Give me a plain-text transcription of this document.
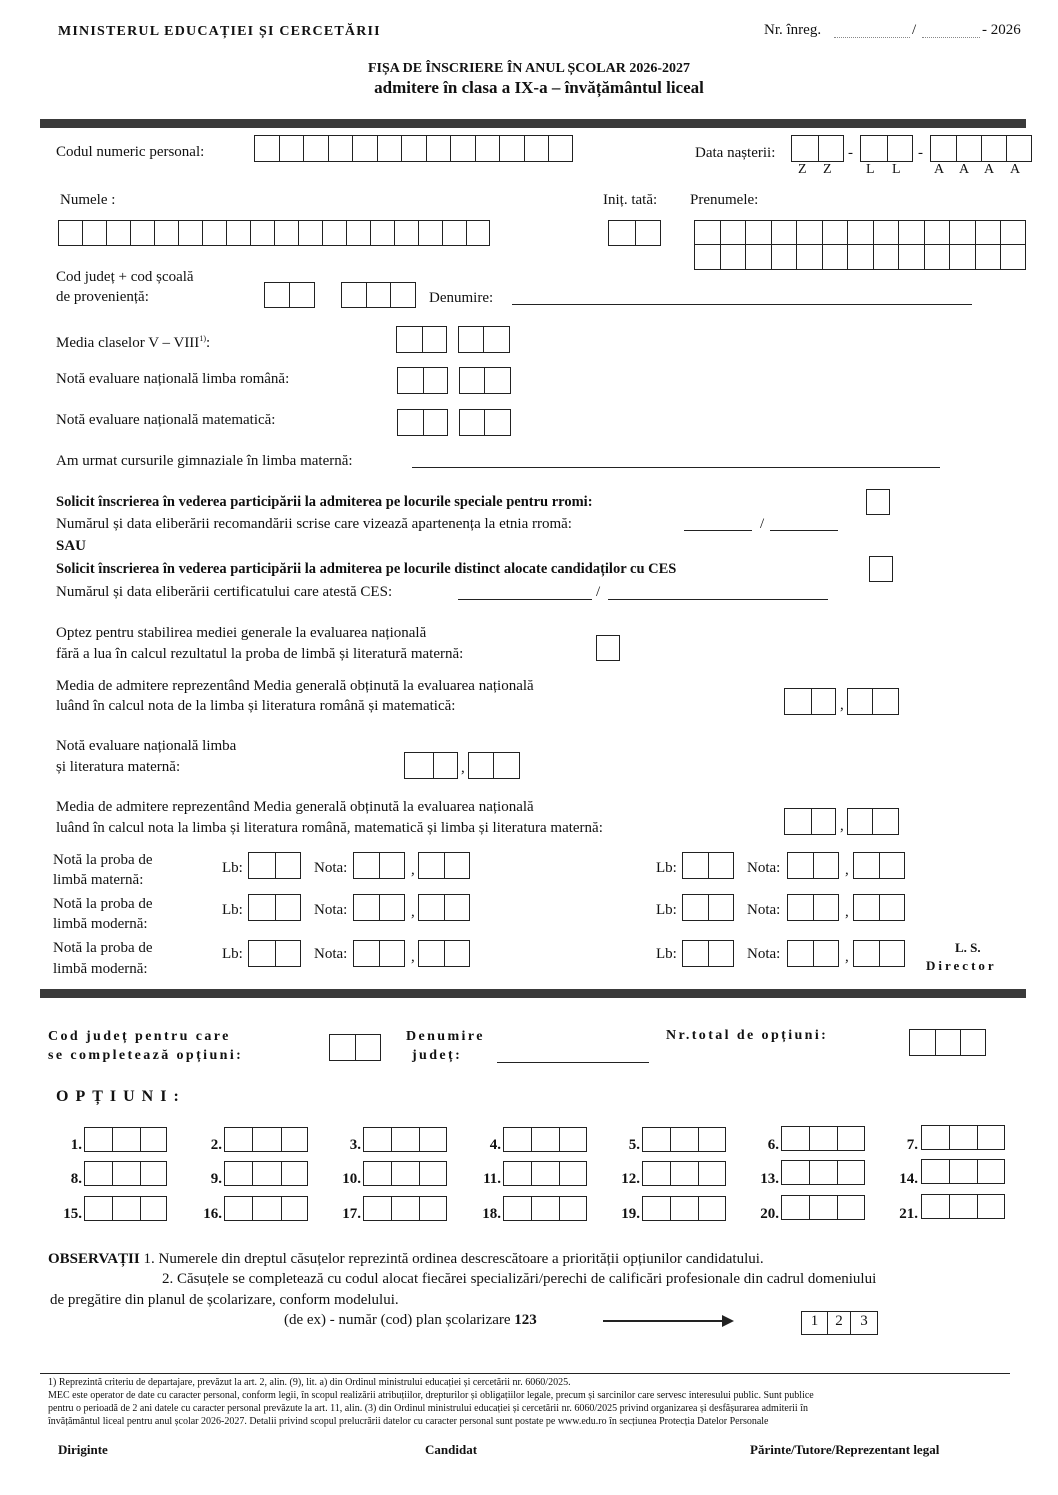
MINISTERUL EDUCAȚIEI ȘI CERCETĂRII	Nr. înreg.	/	- 2026
FIȘA DE ÎNSCRIERE ÎN ANUL ȘCOLAR 2026-2027
admitere în clasa a IX-a – învățământul liceal
Codul numeric personal:	Data nașterii:	-	-
Z Z L L A A A A
Numele :	Iniț. tată: Prenumele:
Cod județ + cod școală
de proveniență:	Denumire:
Media claselor V – VIII$^{1)}$:
Notă evaluare națională limba română:
Notă evaluare națională matematică:
Am urmat cursurile gimnaziale în limba maternă:
Solicit înscrierea în vederea participării la admiterea pe locurile speciale pentru rromi:
Numărul și data eliberării recomandării scrise care vizează apartenența la etnia rromă:	/
SAU
Solicit înscrierea în vederea participării la admiterea pe locurile distinct alocate candidaților cu CES
Numărul și data eliberării certificatului care atestă CES:	/
Optez pentru stabilirea mediei generale la evaluarea națională
fără a lua în calcul rezultatul la proba de limbă și literatură maternă:
Media de admitere reprezentând Media generală obținută la evaluarea națională
luând în calcul nota de la limba și literatura română și matematică:	,
Notă evaluare națională limba
și literatura maternă:	,
Media de admitere reprezentând Media generală obținută la evaluarea națională
luând în calcul nota la limba și literatura română, matematică și limba și literatura maternă:	,
Notă la proba de
limbă maternă:
Lb:	Nota:	,	Lb:	Nota:	,
Notă la proba de
limbă modernă:
Lb:	Nota:	,	Lb:	Nota:	,
Notă la proba de
limbă modernă:
Lb:	Nota:	,	Lb:	Nota:	,
L. S.
Director
Cod județ pentru care
se completează opțiuni:
Denumire
județ:
Nr.total de opțiuni:
OPȚIUNI:
1.	2.	3.	4.	5.	6.	7.
8.	9.	10.	11.	12.	13.	14.
15.	16.	17.	18.	19.	20.	21.
OBSERVAȚII 1. Numerele din dreptul căsuțelor reprezintă ordinea descrescătoare a priorității opțiunilor candidatului.
2. Căsuțele se completează cu codul alocat fiecărei specializări/perechi de calificări profesionale din cadrul domeniului
de pregătire din planul de școlarizare, conform modelului.
(de ex) - număr (cod) plan școlarizare 123	1	2	3
1) Reprezintă criteriu de departajare, prevăzut la art. 2, alin. (9), lit. a) din Ordinul ministrului educației și cercetării nr. 6060/2025.
MEC este operator de date cu caracter personal, conform legii, în scopul realizării atribuțiilor, drepturilor și obligațiilor legale, precum și sarcinilor care servesc interesului public. Sunt publice
pentru o perioadă de 2 ani datele cu caracter personal prevăzute la art. 11, alin. (3) din Ordinul ministrului educației și cercetării nr. 6060/2025 privind organizarea și desfășurarea admiterii în
învățământul liceal pentru anul școlar 2026-2027. Detalii privind scopul prelucrării datelor cu caracter personal sunt postate pe www.edu.ro în secțiunea Protecția Datelor Personale
Diriginte	Candidat	Părinte/Tutore/Reprezentant legal
